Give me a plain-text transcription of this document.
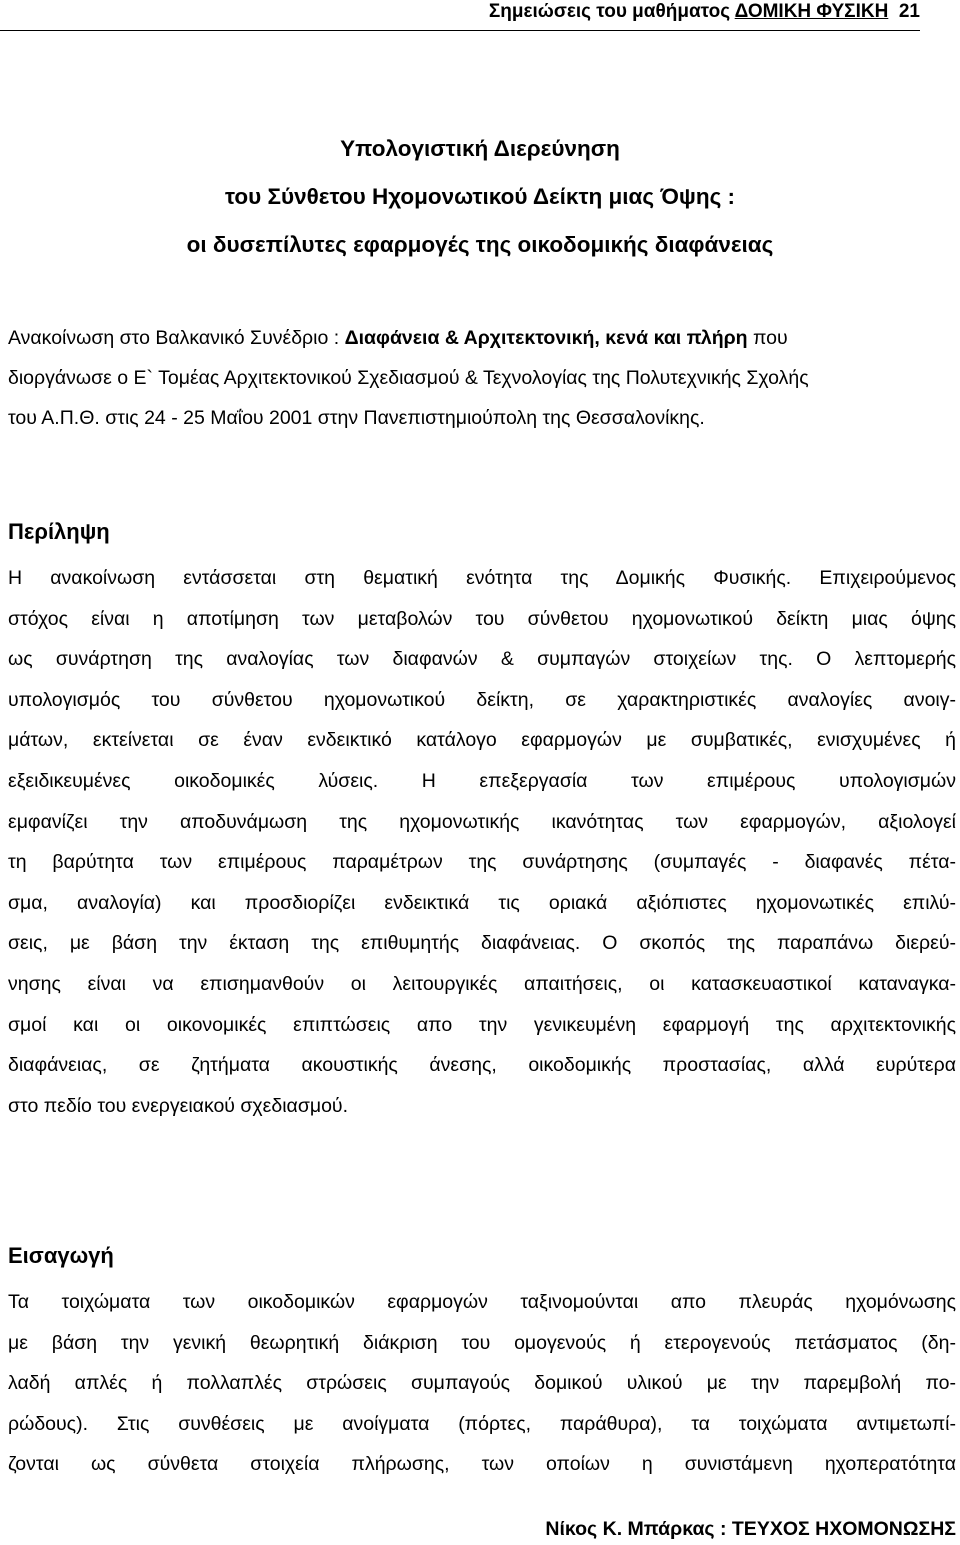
Σημειώσεις του μαθήματος ΔΟΜΙΚΗ ΦΥΣΙΚΗ 21
Υπολογιστική Διερεύνηση
του Σύνθετου Ηχομονωτικού Δείκτη μιας Όψης :
οι δυσεπίλυτες εφαρμογές της οικοδομικής διαφάνειας
Ανακοίνωση στο Βαλκανικό Συνέδριο : Διαφάνεια & Αρχιτεκτονική, κενά και πλήρη που
διοργάνωσε ο Ε` Τομέας Αρχιτεκτονικού Σχεδιασμού & Τεχνολογίας της Πολυτεχνικής Σχολής
του Α.Π.Θ. στις 24 - 25 Μαΐου 2001 στην Πανεπιστημιούπολη της Θεσσαλονίκης.
Περίληψη
Η ανακοίνωση εντάσσεται στη θεματική ενότητα της Δομικής Φυσικής. Επιχειρούμενος
στόχος είναι η αποτίμηση των μεταβολών του σύνθετου ηχομονωτικού δείκτη μιας όψης
ως συνάρτηση της αναλογίας των διαφανών & συμπαγών στοιχείων της. Ο λεπτομερής
υπολογισμός του σύνθετου ηχομονωτικού δείκτη, σε χαρακτηριστικές αναλογίες ανοιγ-
μάτων, εκτείνεται σε έναν ενδεικτικό κατάλογο εφαρμογών με συμβατικές, ενισχυμένες ή
εξειδικευμένες οικοδομικές λύσεις. Η επεξεργασία των επιμέρους υπολογισμών
εμφανίζει την αποδυνάμωση της ηχομονωτικής ικανότητας των εφαρμογών, αξιολογεί
τη βαρύτητα των επιμέρους παραμέτρων της συνάρτησης (συμπαγές - διαφανές πέτα-
σμα, αναλογία) και προσδιορίζει ενδεικτικά τις οριακά αξιόπιστες ηχομονωτικές επιλύ-
σεις, με βάση την έκταση της επιθυμητής διαφάνειας. Ο σκοπός της παραπάνω διερεύ-
νησης είναι να επισημανθούν οι λειτουργικές απαιτήσεις, οι κατασκευαστικοί καταναγκα-
σμοί και οι οικονομικές επιπτώσεις απο την γενικευμένη εφαρμογή της αρχιτεκτονικής
διαφάνειας, σε ζητήματα ακουστικής άνεσης, οικοδομικής προστασίας, αλλά ευρύτερα
στο πεδίο του ενεργειακού σχεδιασμού.
Εισαγωγή
Τα τοιχώματα των οικοδομικών εφαρμογών ταξινομούνται απο πλευράς ηχομόνωσης
με βάση την γενική θεωρητική διάκριση του ομογενούς ή ετερογενούς πετάσματος (δη-
λαδή απλές ή πολλαπλές στρώσεις συμπαγούς δομικού υλικού με την παρεμβολή πο-
ρώδους). Στις συνθέσεις με ανοίγματα (πόρτες, παράθυρα), τα τοιχώματα αντιμετωπί-
ζονται ως σύνθετα στοιχεία πλήρωσης, των οποίων η συνιστάμενη ηχοπερατότητα
Νίκος Κ. Μπάρκας : ΤΕΥΧΟΣ ΗΧΟΜΟΝΩΣΗΣ
